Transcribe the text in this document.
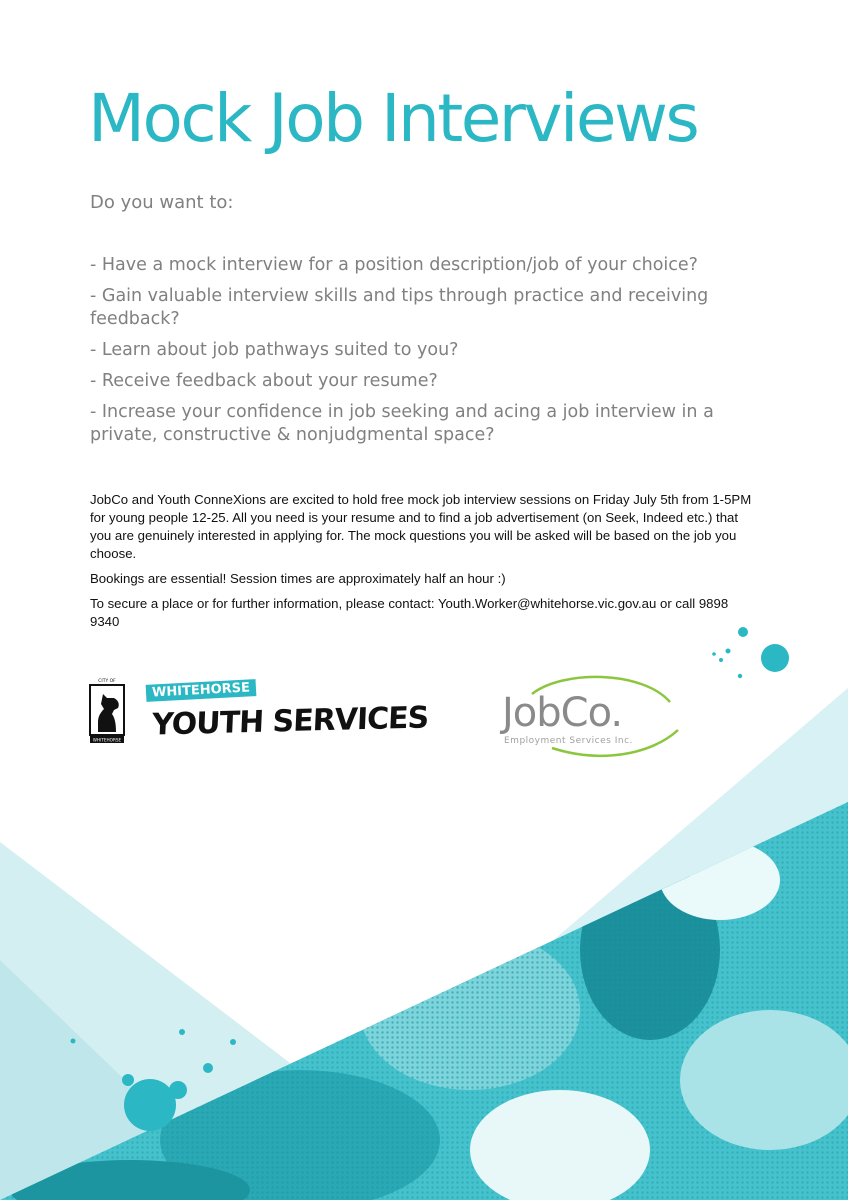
Mock Job Interviews

Do you want to:

- Have a mock interview for a position description/job of your choice?
- Gain valuable interview skills and tips through practice and receiving feedback?
- Learn about job pathways suited to you?
- Receive feedback about your resume?
- Increase your confidence in job seeking and acing a job interview in a private, constructive & nonjudgmental space?

JobCo and Youth ConneXions are excited to hold free mock job interview sessions on Friday July 5th from 1-5PM for young people 12-25. All you need is your resume and to find a job advertisement (on Seek, Indeed etc.) that you are genuinely interested in applying for. The mock questions you will be asked will be based on the job you choose.

Bookings are essential! Session times are approximately half an hour :)

To secure a place or for further information, please contact: Youth.Worker@whitehorse.vic.gov.au or call 9898 9340

CITY OF
WHITEHORSE
WHITEHORSE
YOUTH SERVICES JobCo.
Employment Services Inc.
